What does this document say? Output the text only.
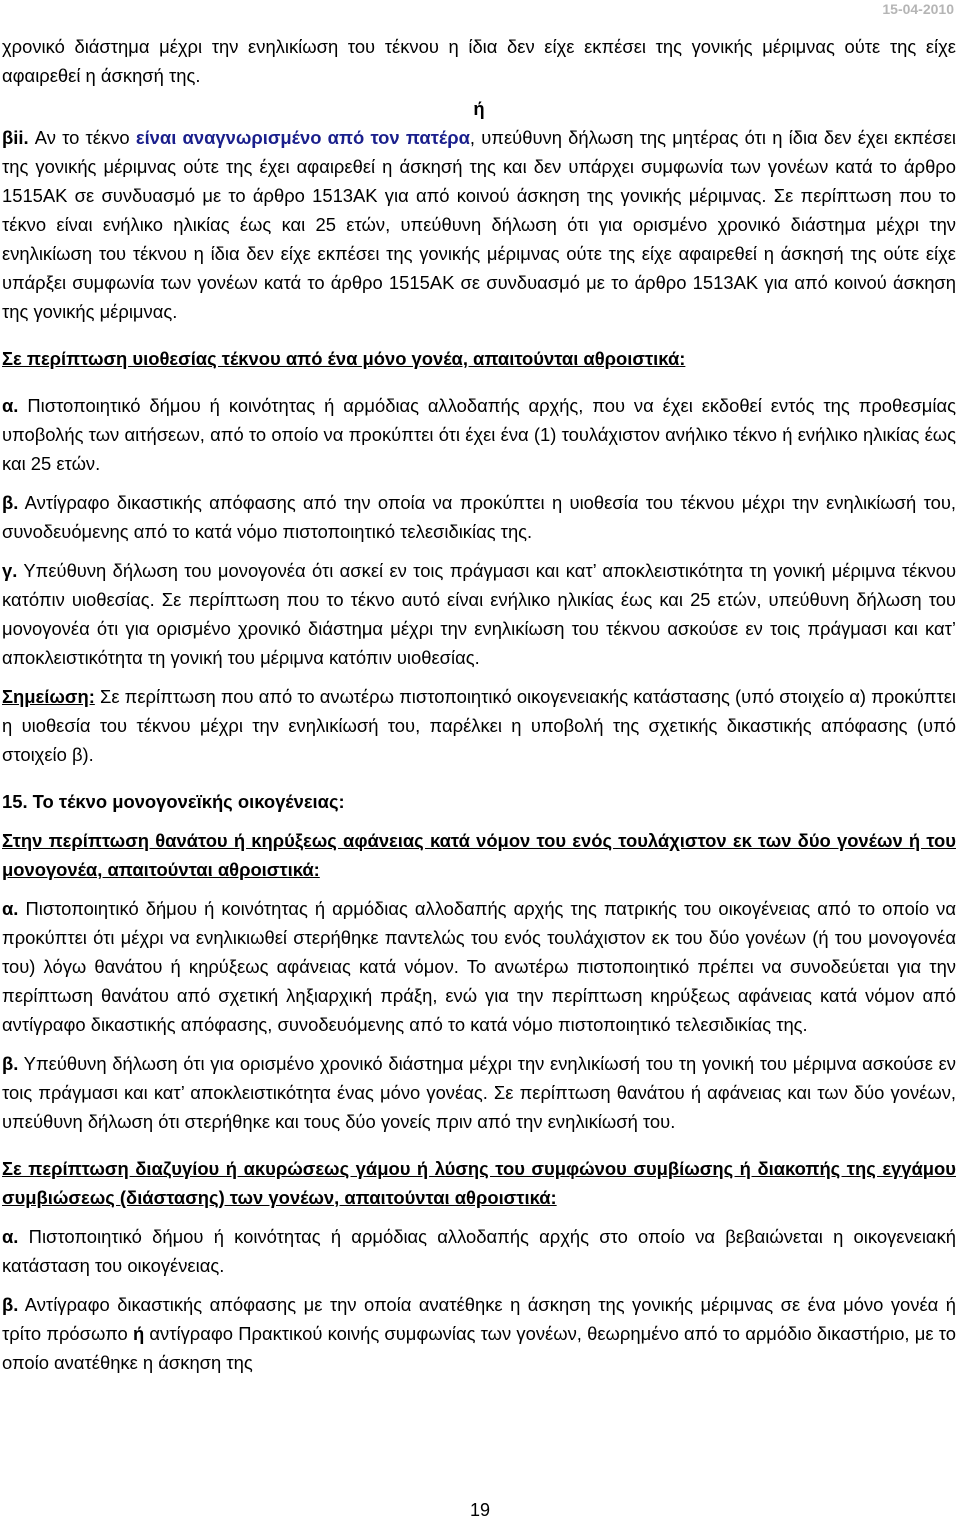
15-04-2010

χρονικό διάστημα μέχρι την ενηλικίωση του τέκνου η ίδια δεν είχε εκπέσει της γονικής μέριμνας ούτε της είχε αφαιρεθεί η άσκησή της.

ή

βii. Αν το τέκνο είναι αναγνωρισμένο από τον πατέρα, υπεύθυνη δήλωση της μητέρας ότι η ίδια δεν έχει εκπέσει της γονικής μέριμνας ούτε της έχει αφαιρεθεί η άσκησή της και δεν υπάρχει συμφωνία των γονέων κατά το άρθρο 1515ΑΚ σε συνδυασμό με το άρθρο 1513ΑΚ για από κοινού άσκηση της γονικής μέριμνας. Σε περίπτωση που το τέκνο είναι ενήλικο ηλικίας έως και 25 ετών, υπεύθυνη δήλωση ότι για ορισμένο χρονικό διάστημα μέχρι την ενηλικίωση του τέκνου η ίδια δεν είχε εκπέσει της γονικής μέριμνας ούτε της είχε αφαιρεθεί η άσκησή της ούτε είχε υπάρξει συμφωνία των γονέων κατά το άρθρο 1515ΑΚ σε συνδυασμό με το άρθρο 1513ΑΚ για από κοινού άσκηση της γονικής μέριμνας.

Σε περίπτωση υιοθεσίας τέκνου από ένα μόνο γονέα, απαιτούνται αθροιστικά:

α. Πιστοποιητικό δήμου ή κοινότητας ή αρμόδιας αλλοδαπής αρχής, που να έχει εκδοθεί εντός της προθεσμίας υποβολής των αιτήσεων, από το οποίο να προκύπτει ότι έχει ένα (1) τουλάχιστον ανήλικο τέκνο ή ενήλικο ηλικίας έως και 25 ετών.

β. Αντίγραφο δικαστικής απόφασης από την οποία να προκύπτει η υιοθεσία του τέκνου μέχρι την ενηλικίωσή του, συνοδευόμενης από το κατά νόμο πιστοποιητικό τελεσιδικίας της.

γ. Υπεύθυνη δήλωση του μονογονέα ότι ασκεί εν τοις πράγμασι και κατ’ αποκλειστικότητα τη γονική μέριμνα τέκνου κατόπιν υιοθεσίας. Σε περίπτωση που το τέκνο αυτό είναι ενήλικο ηλικίας έως και 25 ετών, υπεύθυνη δήλωση του μονογονέα ότι για ορισμένο χρονικό διάστημα μέχρι την ενηλικίωση του τέκνου ασκούσε εν τοις πράγμασι και κατ’ αποκλειστικότητα τη γονική του μέριμνα κατόπιν υιοθεσίας.

Σημείωση: Σε περίπτωση που από το ανωτέρω πιστοποιητικό οικογενειακής κατάστασης (υπό στοιχείο α) προκύπτει η υιοθεσία του τέκνου μέχρι την ενηλικίωσή του, παρέλκει η υποβολή της σχετικής δικαστικής απόφασης (υπό στοιχείο β).

15. Το τέκνο μονογονεϊκής οικογένειας:

Στην περίπτωση θανάτου ή κηρύξεως αφάνειας κατά νόμον του ενός τουλάχιστον εκ των δύο γονέων ή του μονογονέα, απαιτούνται αθροιστικά:

α. Πιστοποιητικό δήμου ή κοινότητας ή αρμόδιας αλλοδαπής αρχής της πατρικής του οικογένειας από το οποίο να προκύπτει ότι μέχρι να ενηλικιωθεί στερήθηκε παντελώς του ενός τουλάχιστον εκ του δύο γονέων (ή του μονογονέα του) λόγω θανάτου ή κηρύξεως αφάνειας κατά νόμον. Το ανωτέρω πιστοποιητικό πρέπει να συνοδεύεται για την περίπτωση θανάτου από σχετική ληξιαρχική πράξη, ενώ για την περίπτωση κηρύξεως αφάνειας κατά νόμον από αντίγραφο δικαστικής απόφασης, συνοδευόμενης από το κατά νόμο πιστοποιητικό τελεσιδικίας της.

β. Υπεύθυνη δήλωση ότι για ορισμένο χρονικό διάστημα μέχρι την ενηλικίωσή του τη γονική του μέριμνα ασκούσε εν τοις πράγμασι και κατ’ αποκλειστικότητα ένας μόνο γονέας. Σε περίπτωση θανάτου ή αφάνειας και των δύο γονέων, υπεύθυνη δήλωση ότι στερήθηκε και τους δύο γονείς πριν από την ενηλικίωσή του.

Σε περίπτωση διαζυγίου ή ακυρώσεως γάμου ή λύσης του συμφώνου συμβίωσης ή διακοπής της εγγάμου συμβιώσεως (διάστασης) των γονέων, απαιτούνται αθροιστικά:

α. Πιστοποιητικό δήμου ή κοινότητας ή αρμόδιας αλλοδαπής αρχής στο οποίο να βεβαιώνεται η οικογενειακή κατάσταση του οικογένειας.

β. Αντίγραφο δικαστικής απόφασης με την οποία ανατέθηκε η άσκηση της γονικής μέριμνας σε ένα μόνο γονέα ή τρίτο πρόσωπο ή αντίγραφο Πρακτικού κοινής συμφωνίας των γονέων, θεωρημένο από το αρμόδιο δικαστήριο, με το οποίο ανατέθηκε η άσκηση της

19
